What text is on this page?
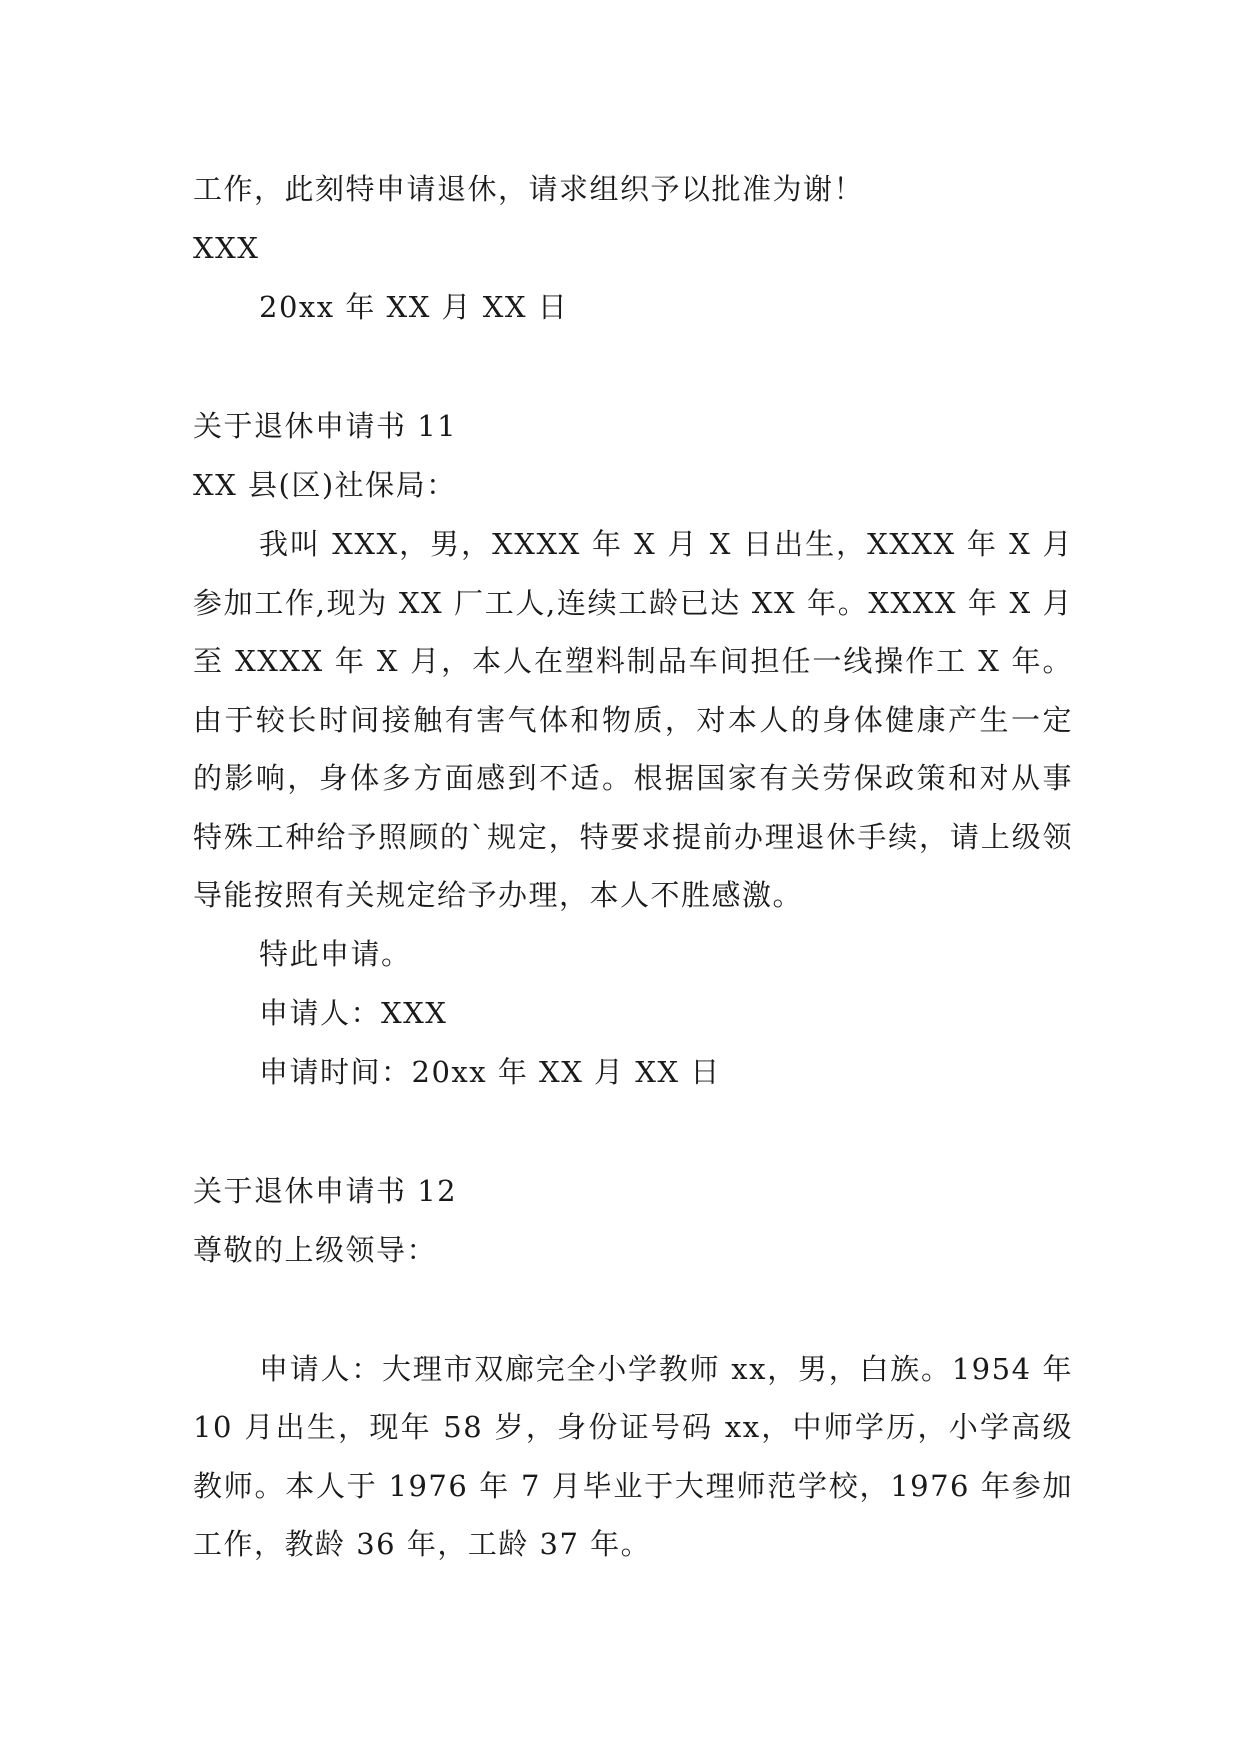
工作，此刻特申请退休，请求组织予以批准为谢！
XXX
20xx 年 XX 月 XX 日
关于退休申请书 11
XX 县(区)社保局：

我叫 XXX，男，XXXX 年 X 月 X 日出生，XXXX 年 X 月参加工作,现为 XX 厂工人,连续工龄已达 XX 年。XXXX 年 X 月至 XXXX 年 X 月，本人在塑料制品车间担任一线操作工 X 年。由于较长时间接触有害气体和物质，对本人的身体健康产生一定的影响，身体多方面感到不适。根据国家有关劳保政策和对从事特殊工种给予照顾的`规定，特要求提前办理退休手续，请上级领导能按照有关规定给予办理，本人不胜感激。

特此申请。
申请人：XXX
申请时间：20xx 年 XX 月 XX 日
关于退休申请书 12
尊敬的上级领导：

申请人：大理市双廊完全小学教师 xx，男，白族。1954 年 10 月出生，现年 58 岁，身份证号码 xx，中师学历，小学高级教师。本人于 1976 年 7 月毕业于大理师范学校，1976 年参加工作，教龄 36 年，工龄 37 年。
